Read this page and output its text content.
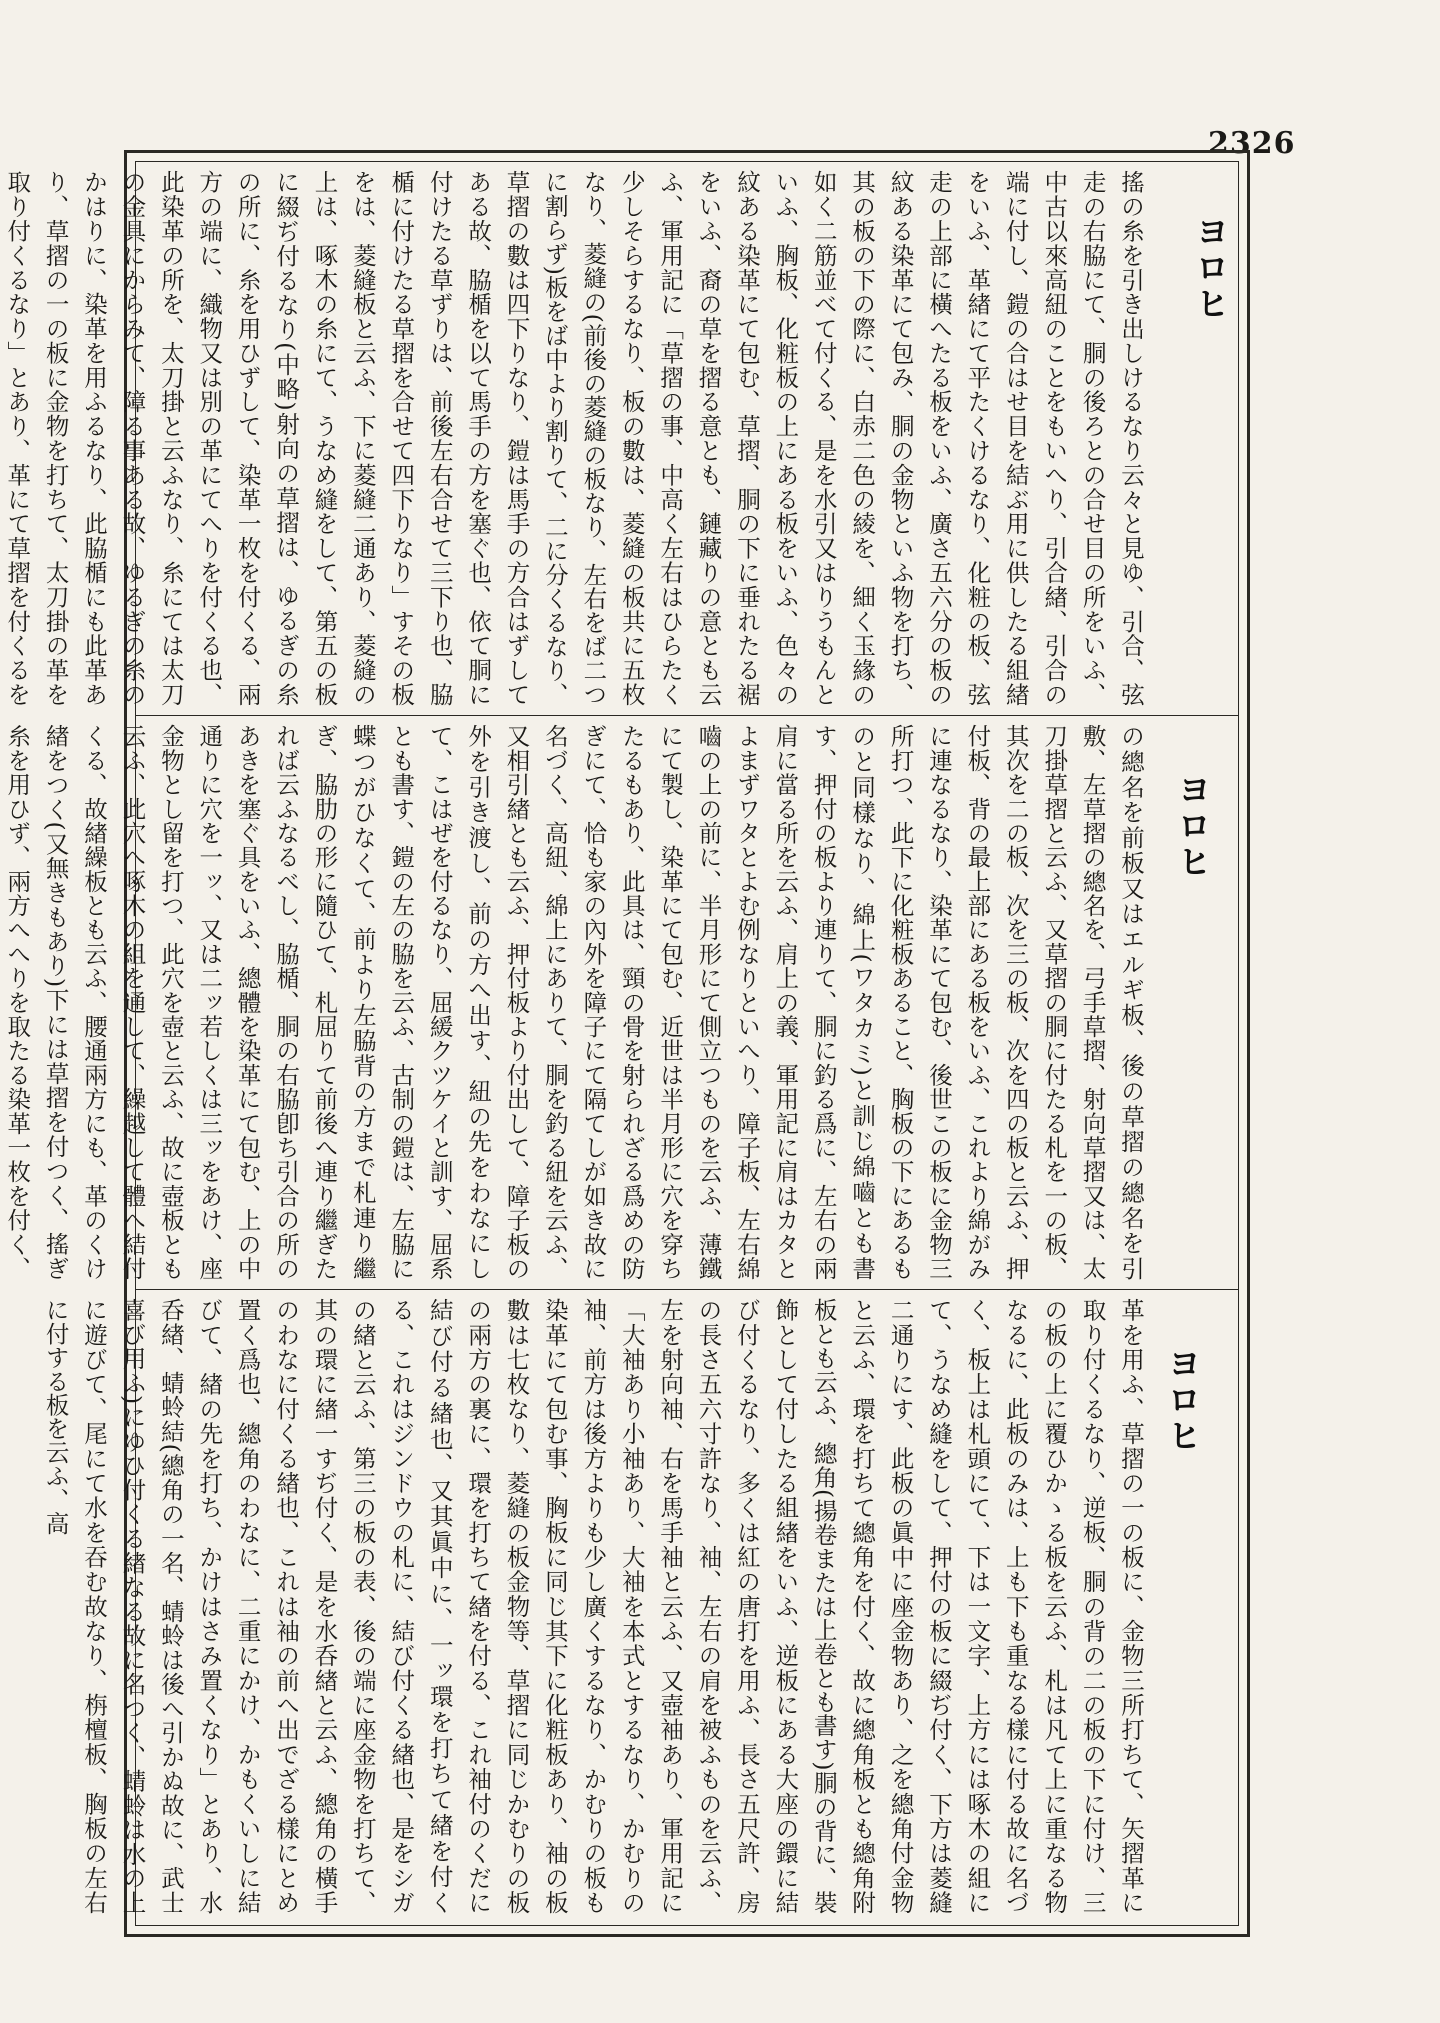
2326
搖の糸を引き出しけるなり云々と見ゆ、引合、弦走の右脇にて、胴の後ろとの合せ目の所をいふ、中古以來高紐のことをもいへり、引合緖、引合の端に付し、鎧の合はせ目を結ぶ用に供したる組緖をいふ、革緖にて平たくけるなり、化粧の板、弦走の上部に橫へたる板をいふ、廣さ五六分の板の紋ある染革にて包み、胴の金物といふ物を打ち、其の板の下の際に、白赤二色の綾を、細く玉緣の如く二筋並べて付くる、是を水引又はりうもんといふ、胸板、化粧板の上にある板をいふ、色々の紋ある染革にて包む、草摺、胴の下に垂れたる裾をいふ、裔の草を摺る意とも、鏈藏りの意とも云ふ、軍用記に「草摺の事、中高く左右はひらたく少しそらするなり、板の數は、菱縫の板共に五枚なり、菱縫の(前後の菱縫の板なり、左右をば二つに割らず)板をば中より割りて、二に分くるなり、草摺の數は四下りなり、鎧は馬手の方合はずしてある故、脇楯を以て馬手の方を塞ぐ也、依て胴に付けたる草ずりは、前後左右合せて三下り也、脇楯に付けたる草摺を合せて四下りなり」すその板をは、菱縫板と云ふ、下に菱縫二通あり、菱縫の上は、啄木の糸にて、うなめ縫をして、第五の板に綴ぢ付るなり(中略)射向の草摺は、ゆるぎの糸の所に、糸を用ひずして、染革一枚を付くる、兩方の端に、織物又は別の革にてへりを付くる也、此染革の所を、太刀掛と云ふなり、糸にては太刀の金具にからみて、障る事ある故、ゆるぎの糸のかはりに、染革を用ふるなり、此脇楯にも此革あり、草摺の一の板に金物を打ちて、太刀掛の革を取り付くるなり」とあり、革にて草摺を付くるを
ヨロヒ
の總名を前板又はエルギ板、後の草摺の總名を引敷、左草摺の總名を、弓手草摺、射向草摺又は、太刀掛草摺と云ふ、又草摺の胴に付たる札を一の板、其次を二の板、次を三の板、次を四の板と云ふ、押付板、背の最上部にある板をいふ、これより綿がみに連なるなり、染革にて包む、後世この板に金物三所打つ、此下に化粧板あること、胸板の下にあるものと同樣なり、綿上(ワタカミ)と訓じ綿嚙とも書す、押付の板より連りて、胴に釣る爲に、左右の兩肩に當る所を云ふ、肩上の義、軍用記に肩はカタとよまずワタとよむ例なりといへり、障子板、左右綿嚙の上の前に、半月形にて側立つものを云ふ、薄鐵にて製し、染革にて包む、近世は半月形に穴を穿ちたるもあり、此具は、頸の骨を射られざる爲めの防ぎにて、恰も家の內外を障子にて隔てしが如き故に名づく、高紐、綿上にありて、胴を釣る紐を云ふ、又相引緖とも云ふ、押付板より付出して、障子板の外を引き渡し、前の方へ出す、紐の先をわなにして、こはぜを付るなり、屈緩クツケイと訓す、屈系とも書す、鎧の左の脇を云ふ、古制の鎧は、左脇に蝶つがひなくて、前より左脇背の方まで札連り繼ぎ、脇肋の形に隨ひて、札屈りて前後へ連り繼ぎたれば云ふなるべし、脇楯、胴の右脇卽ち引合の所のあきを塞ぐ具をいふ、總體を染革にて包む、上の中通りに穴を一ッ、又は二ッ若しくは三ッをあけ、座金物とし留を打つ、此穴を壺と云ふ、故に壺板とも云ふ、此穴へ啄木の組を通して、繰越して體へ結付くる、故緖繰板とも云ふ、腰通兩方にも、革のくけ緖をつく(又無きもあり)下には草摺を付つく、搖ぎ糸を用ひず、兩方へへりを取たる染革一枚を付く、
ヨロヒ
革を用ふ、草摺の一の板に、金物三所打ちて、矢摺革に取り付くるなり、逆板、胴の背の二の板の下に付け、三の板の上に覆ひかゝる板を云ふ、札は凡て上に重なる物なるに、此板のみは、上も下も重なる樣に付る故に名づく、板上は札頭にて、下は一文字、上方には啄木の組にて、うなめ縫をして、押付の板に綴ぢ付く、下方は菱縫二通りにす、此板の眞中に座金物あり、之を總角付金物と云ふ、環を打ちて總角を付く、故に總角板とも總角附板とも云ふ、總角(揚卷または上卷とも書す)胴の背に、裝飾として付したる組緖をいふ、逆板にある大座の鐶に結び付くるなり、多くは紅の唐打を用ふ、長さ五尺許、房の長さ五六寸許なり、袖、左右の肩を被ふものを云ふ、左を射向袖、右を馬手袖と云ふ、又壺袖あり、軍用記に「大袖あり小袖あり、大袖を本式とするなり、かむりの袖、前方は後方よりも少し廣くするなり、かむりの板も染革にて包む事、胸板に同じ其下に化粧板あり、袖の板數は七枚なり、菱縫の板金物等、草摺に同じかむりの板の兩方の裏に、環を打ちて緖を付る、これ袖付のくだに結び付る緖也、又其眞中に、一ッ環を打ちて緖を付くる、これはジンドウの札に、結び付くる緖也、是をシガの緖と云ふ、第三の板の表、後の端に座金物を打ちて、其の環に緖一すぢ付く、是を水呑緖と云ふ、總角の橫手のわなに付くる緖也、これは袖の前へ出でざる樣にとめ置く爲也、總角のわなに、二重にかけ、かもくいしに結びて、緖の先を打ち、かけはさみ置くなり」とあり、水呑緖、蜻蛉結(總角の一名、蜻蛉は後へ引かぬ故に、武士喜び用ふ)にゆひ付くる緖なる故に名つく、蜻蛉は水の上に遊びて、尾にて水を吞む故なり、栴檀板、胸板の左右に付する板を云ふ、高	ヨロヒ
